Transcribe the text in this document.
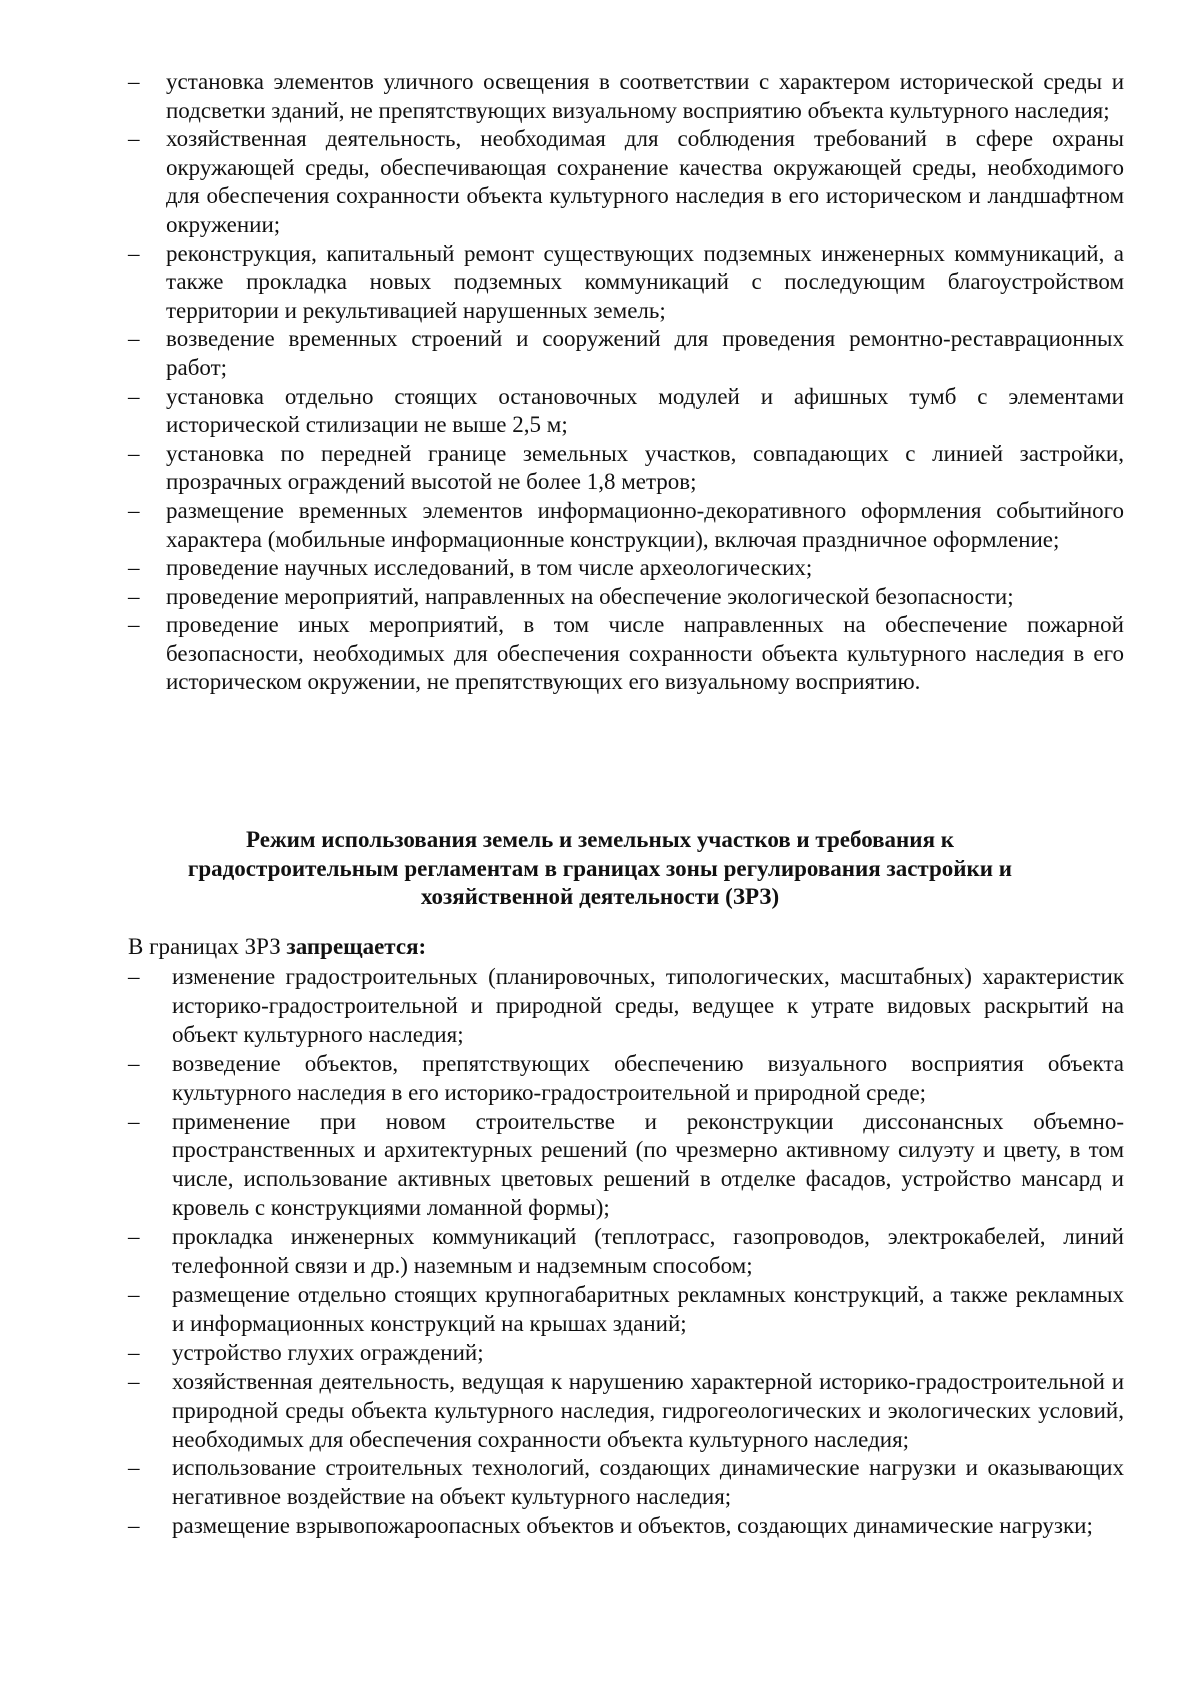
–	установка элементов уличного освещения в соответствии с характером исторической среды и подсветки зданий, не препятствующих визуальному восприятию объекта культурного наследия;
–	хозяйственная деятельность, необходимая для соблюдения требований в сфере охраны окружающей среды, обеспечивающая сохранение качества окружающей среды, необходимого для обеспечения сохранности объекта культурного наследия в его историческом и ландшафтном окружении;
–	реконструкция, капитальный ремонт существующих подземных инженерных коммуникаций, а также прокладка новых подземных коммуникаций с последующим благоустройством территории и рекультивацией нарушенных земель;
–	возведение временных строений и сооружений для проведения ремонтно-реставрационных работ;
–	установка отдельно стоящих остановочных модулей и афишных тумб с элементами исторической стилизации не выше 2,5 м;
–	установка по передней границе земельных участков, совпадающих с линией застройки, прозрачных ограждений высотой не более 1,8 метров;
–	размещение временных элементов информационно-декоративного оформления событийного характера (мобильные информационные конструкции), включая праздничное оформление;
–	проведение научных исследований, в том числе археологических;
–	проведение мероприятий, направленных на обеспечение экологической безопасности;
–	проведение иных мероприятий, в том числе направленных на обеспечение пожарной безопасности, необходимых для обеспечения сохранности объекта культурного наследия в его историческом окружении, не препятствующих его визуальному восприятию.
Режим использования земель и земельных участков и требования к
градостроительным регламентам в границах зоны регулирования застройки и
хозяйственной деятельности (ЗРЗ)
В границах ЗРЗ запрещается:
–	изменение градостроительных (планировочных, типологических, масштабных) характеристик историко-градостроительной и природной среды, ведущее к утрате видовых раскрытий на объект культурного наследия;
–	возведение объектов, препятствующих обеспечению визуального восприятия объекта культурного наследия в его историко-градостроительной и природной среде;
–	применение при новом строительстве и реконструкции диссонансных объемно-пространственных и архитектурных решений (по чрезмерно активному силуэту и цвету, в том числе, использование активных цветовых решений в отделке фасадов, устройство мансард и кровель с конструкциями ломанной формы);
–	прокладка инженерных коммуникаций (теплотрасс, газопроводов, электрокабелей, линий телефонной связи и др.) наземным и надземным способом;
–	размещение отдельно стоящих крупногабаритных рекламных конструкций, а также рекламных и информационных конструкций на крышах зданий;
–	устройство глухих ограждений;
–	хозяйственная деятельность, ведущая к нарушению характерной историко-градостроительной и природной среды объекта культурного наследия, гидрогеологических и экологических условий, необходимых для обеспечения сохранности объекта культурного наследия;
–	использование строительных технологий, создающих динамические нагрузки и оказывающих негативное воздействие на объект культурного наследия;
–	размещение взрывопожароопасных объектов и объектов, создающих динамические нагрузки;
